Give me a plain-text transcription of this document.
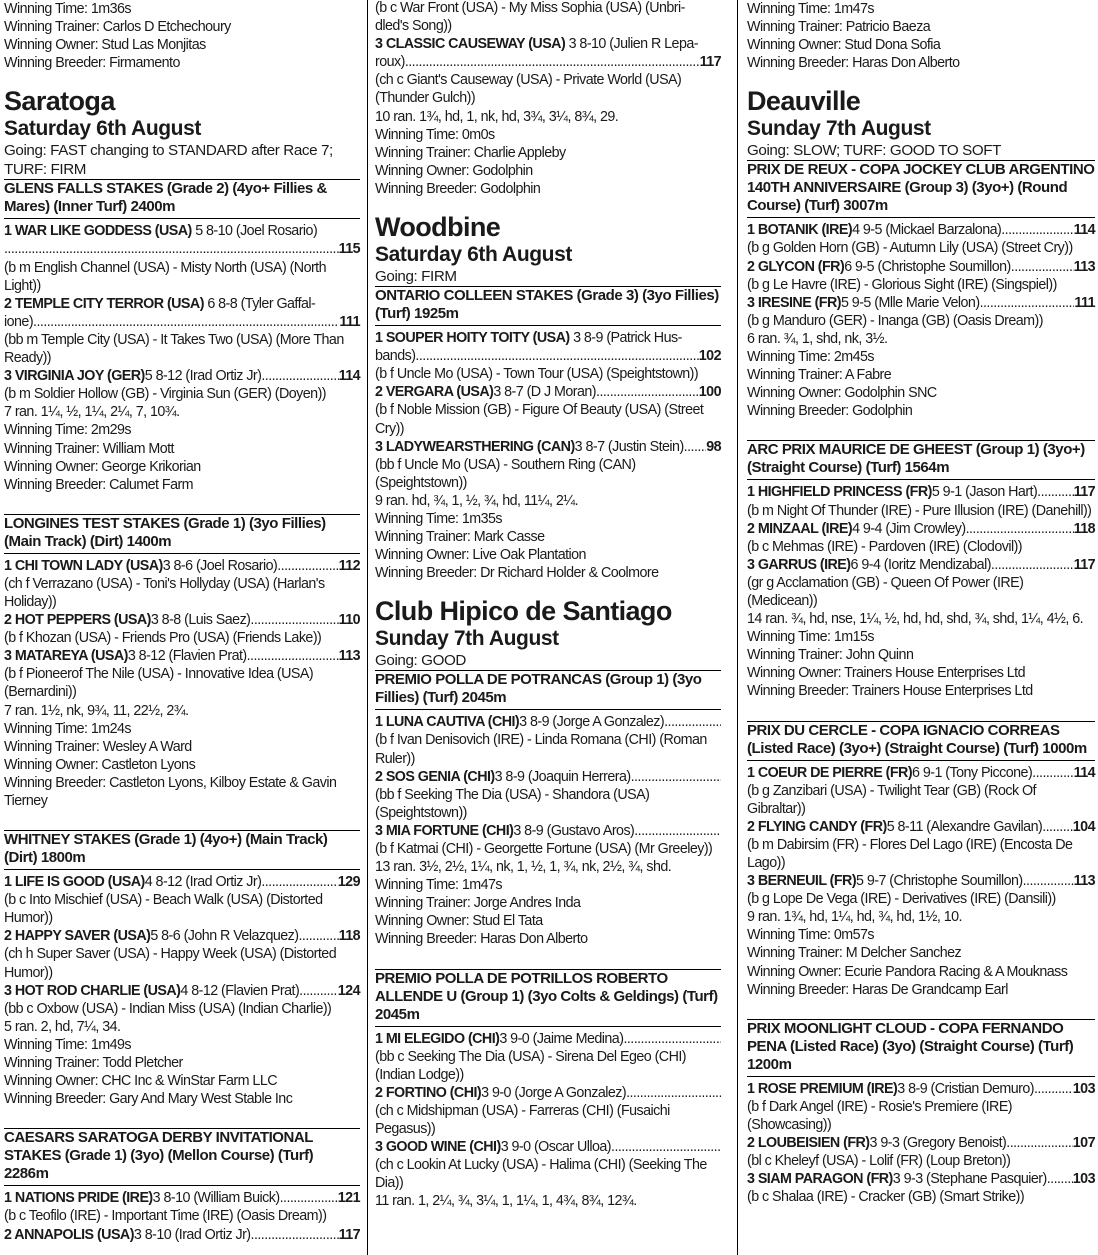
Winning Time: 1m36s
Winning Trainer: Carlos D Etchechoury
Winning Owner: Stud Las Monjitas
Winning Breeder: Firmamento
Saratoga
Saturday 6th August
Going: FAST changing to STANDARD after Race 7;
TURF: FIRM
GLENS FALLS STAKES (Grade 2) (4yo+ Fillies & Mares) (Inner Turf) 2400m
1 WAR LIKE GODDESS (USA) 5 8-10 (Joel Rosario)
.....
115
(b m English Channel (USA) - Misty North (USA) (North Light))
2 TEMPLE CITY TERROR (USA) 6 8-8 (Tyler Gaffal-
ione) .....	111
(bb m Temple City (USA) - It Takes Two (USA) (More Than Ready))
3 VIRGINIA JOY (GER) 5 8-12 (Irad Ortiz Jr) .....	114
(b m Soldier Hollow (GB) - Virginia Sun (GER) (Doyen))
7 ran. 1¼, ½, 1¼, 2¼, 7, 10¾.
Winning Time: 2m29s
Winning Trainer: William Mott
Winning Owner: George Krikorian
Winning Breeder: Calumet Farm
LONGINES TEST STAKES (Grade 1) (3yo Fillies) (Main Track) (Dirt) 1400m
1 CHI TOWN LADY (USA) 3 8-6 (Joel Rosario) .....	112
(ch f Verrazano (USA) - Toni's Hollyday (USA) (Harlan's Holiday))
2 HOT PEPPERS (USA) 3 8-8 (Luis Saez) .....	110
(b f Khozan (USA) - Friends Pro (USA) (Friends Lake))
3 MATAREYA (USA) 3 8-12 (Flavien Prat) .....	113
(b f Pioneerof The Nile (USA) - Innovative Idea (USA) (Bernardini))
7 ran. 1½, nk, 9¾, 11, 22½, 2¾.
Winning Time: 1m24s
Winning Trainer: Wesley A Ward
Winning Owner: Castleton Lyons
Winning Breeder: Castleton Lyons, Kilboy Estate & Gavin Tierney
WHITNEY STAKES (Grade 1) (4yo+) (Main Track) (Dirt) 1800m
1 LIFE IS GOOD (USA) 4 8-12 (Irad Ortiz Jr) .....	129
(b c Into Mischief (USA) - Beach Walk (USA) (Distorted Humor))
2 HAPPY SAVER (USA) 5 8-6 (John R Velazquez) .....	118
(ch h Super Saver (USA) - Happy Week (USA) (Distorted Humor))
3 HOT ROD CHARLIE (USA) 4 8-12 (Flavien Prat) .....	124
(bb c Oxbow (USA) - Indian Miss (USA) (Indian Charlie))
5 ran. 2, hd, 7¼, 34.
Winning Time: 1m49s
Winning Trainer: Todd Pletcher
Winning Owner: CHC Inc & WinStar Farm LLC
Winning Breeder: Gary And Mary West Stable Inc
CAESARS SARATOGA DERBY INVITATIONAL STAKES (Grade 1) (3yo) (Mellon Course) (Turf) 2286m
1 NATIONS PRIDE (IRE) 3 8-10 (William Buick) .....	121
(b c Teofilo (IRE) - Important Time (IRE) (Oasis Dream))
2 ANNAPOLIS (USA) 3 8-10 (Irad Ortiz Jr) .....	117
(b c War Front (USA) - My Miss Sophia (USA) (Unbri-
dled's Song))
3 CLASSIC CAUSEWAY (USA) 3 8-10 (Julien R Lepa-
roux) .....	117
(ch c Giant's Causeway (USA) - Private World (USA) (Thunder Gulch))
10 ran. 1¾, hd, 1, nk, hd, 3¾, 3¼, 8¾, 29.
Winning Time: 0m0s
Winning Trainer: Charlie Appleby
Winning Owner: Godolphin
Winning Breeder: Godolphin
Woodbine
Saturday 6th August
Going: FIRM
ONTARIO COLLEEN STAKES (Grade 3) (3yo Fillies) (Turf) 1925m
1 SOUPER HOITY TOITY (USA) 3 8-9 (Patrick Hus-
bands) .....	102
(b f Uncle Mo (USA) - Town Tour (USA) (Speightstown))
2 VERGARA (USA) 3 8-7 (D J Moran) .....	100
(b f Noble Mission (GB) - Figure Of Beauty (USA) (Street Cry))
3 LADYWEARSTHERING (CAN) 3 8-7 (Justin Stein) ..... 98
(bb f Uncle Mo (USA) - Southern Ring (CAN) (Speightstown))
9 ran. hd, ¾, 1, ½, ¾, hd, 11¼, 2¼.
Winning Time: 1m35s
Winning Trainer: Mark Casse
Winning Owner: Live Oak Plantation
Winning Breeder: Dr Richard Holder & Coolmore
Club Hipico de Santiago
Sunday 7th August
Going: GOOD
PREMIO POLLA DE POTRANCAS (Group 1) (3yo Fillies) (Turf) 2045m
1 LUNA CAUTIVA (CHI) 3 8-9 (Jorge A Gonzalez)
.....
(b f Ivan Denisovich (IRE) - Linda Romana (CHI) (Roman Ruler))
2 SOS GENIA (CHI) 3 8-9 (Joaquin Herrera)
.....
(bb f Seeking The Dia (USA) - Shandora (USA) (Speightstown))
3 MIA FORTUNE (CHI) 3 8-9 (Gustavo Aros)
.....
(b f Katmai (CHI) - Georgette Fortune (USA) (Mr Greeley))
13 ran. 3½, 2½, 1¼, nk, 1, ½, 1, ¾, nk, 2½, ¾, shd.
Winning Time: 1m47s
Winning Trainer: Jorge Andres Inda
Winning Owner: Stud El Tata
Winning Breeder: Haras Don Alberto
PREMIO POLLA DE POTRILLOS ROBERTO ALLENDE U (Group 1) (3yo Colts & Geldings) (Turf) 2045m
1 MI ELEGIDO (CHI) 3 9-0 (Jaime Medina)
.....
(bb c Seeking The Dia (USA) - Sirena Del Egeo (CHI) (Indian Lodge))
2 FORTINO (CHI) 3 9-0 (Jorge A Gonzalez)
.....
(ch c Midshipman (USA) - Farreras (CHI) (Fusaichi Pegasus))
3 GOOD WINE (CHI) 3 9-0 (Oscar Ulloa)
.....
(ch c Lookin At Lucky (USA) - Halima (CHI) (Seeking The Dia))
11 ran. 1, 2¼, ¾, 3¼, 1, 1¼, 1, 4¾, 8¾, 12¾.
Winning Time: 1m47s
Winning Trainer: Patricio Baeza
Winning Owner: Stud Dona Sofia
Winning Breeder: Haras Don Alberto
Deauville
Sunday 7th August
Going: SLOW; TURF: GOOD TO SOFT
PRIX DE REUX - COPA JOCKEY CLUB ARGENTINO 140TH ANNIVERSAIRE (Group 3) (3yo+) (Round Course) (Turf) 3007m
1 BOTANIK (IRE) 4 9-5 (Mickael Barzalona) .....	114
(b g Golden Horn (GB) - Autumn Lily (USA) (Street Cry))
2 GLYCON (FR) 6 9-5 (Christophe Soumillon) .....	113
(b g Le Havre (IRE) - Glorious Sight (IRE) (Singspiel))
3 IRESINE (FR) 5 9-5 (Mlle Marie Velon) .....	111
(b g Manduro (GER) - Inanga (GB) (Oasis Dream))
6 ran. ¾, 1, shd, nk, 3½.
Winning Time: 2m45s
Winning Trainer: A Fabre
Winning Owner: Godolphin SNC
Winning Breeder: Godolphin
ARC PRIX MAURICE DE GHEEST (Group 1) (3yo+) (Straight Course) (Turf) 1564m
1 HIGHFIELD PRINCESS (FR) 5 9-1 (Jason Hart) .....	117
(b m Night Of Thunder (IRE) - Pure Illusion (IRE) (Danehill))
2 MINZAAL (IRE) 4 9-4 (Jim Crowley) .....	118
(b c Mehmas (IRE) - Pardoven (IRE) (Clodovil))
3 GARRUS (IRE) 6 9-4 (Ioritz Mendizabal) .....	117
(gr g Acclamation (GB) - Queen Of Power (IRE) (Medicean))
14 ran. ¾, hd, nse, 1¼, ½, hd, hd, shd, ¾, shd, 1¼, 4½, 6.
Winning Time: 1m15s
Winning Trainer: John Quinn
Winning Owner: Trainers House Enterprises Ltd
Winning Breeder: Trainers House Enterprises Ltd
PRIX DU CERCLE - COPA IGNACIO CORREAS (Listed Race) (3yo+) (Straight Course) (Turf) 1000m
1 COEUR DE PIERRE (FR) 6 9-1 (Tony Piccone) .....	114
(b g Zanzibari (USA) - Twilight Tear (GB) (Rock Of Gibraltar))
2 FLYING CANDY (FR) 5 8-11 (Alexandre Gavilan) ..... 104
(b m Dabirsim (FR) - Flores Del Lago (IRE) (Encosta De Lago))
3 BERNEUIL (FR) 5 9-7 (Christophe Soumillon) .....	113
(b g Lope De Vega (IRE) - Derivatives (IRE) (Dansili))
9 ran. 1¾, hd, 1¼, hd, ¾, hd, 1½, 10.
Winning Time: 0m57s
Winning Trainer: M Delcher Sanchez
Winning Owner: Ecurie Pandora Racing & A Mouknass
Winning Breeder: Haras De Grandcamp Earl
PRIX MOONLIGHT CLOUD - COPA FERNANDO PENA (Listed Race) (3yo) (Straight Course) (Turf) 1200m
1 ROSE PREMIUM (IRE) 3 8-9 (Cristian Demuro) .....	103
(b f Dark Angel (IRE) - Rosie's Premiere (IRE) (Showcasing))
2 LOUBEISIEN (FR) 3 9-3 (Gregory Benoist) .....	107
(bl c Kheleyf (USA) - Lolif (FR) (Loup Breton))
3 SIAM PARAGON (FR) 3 9-3 (Stephane Pasquier) ..... 103
(b c Shalaa (IRE) - Cracker (GB) (Smart Strike))
